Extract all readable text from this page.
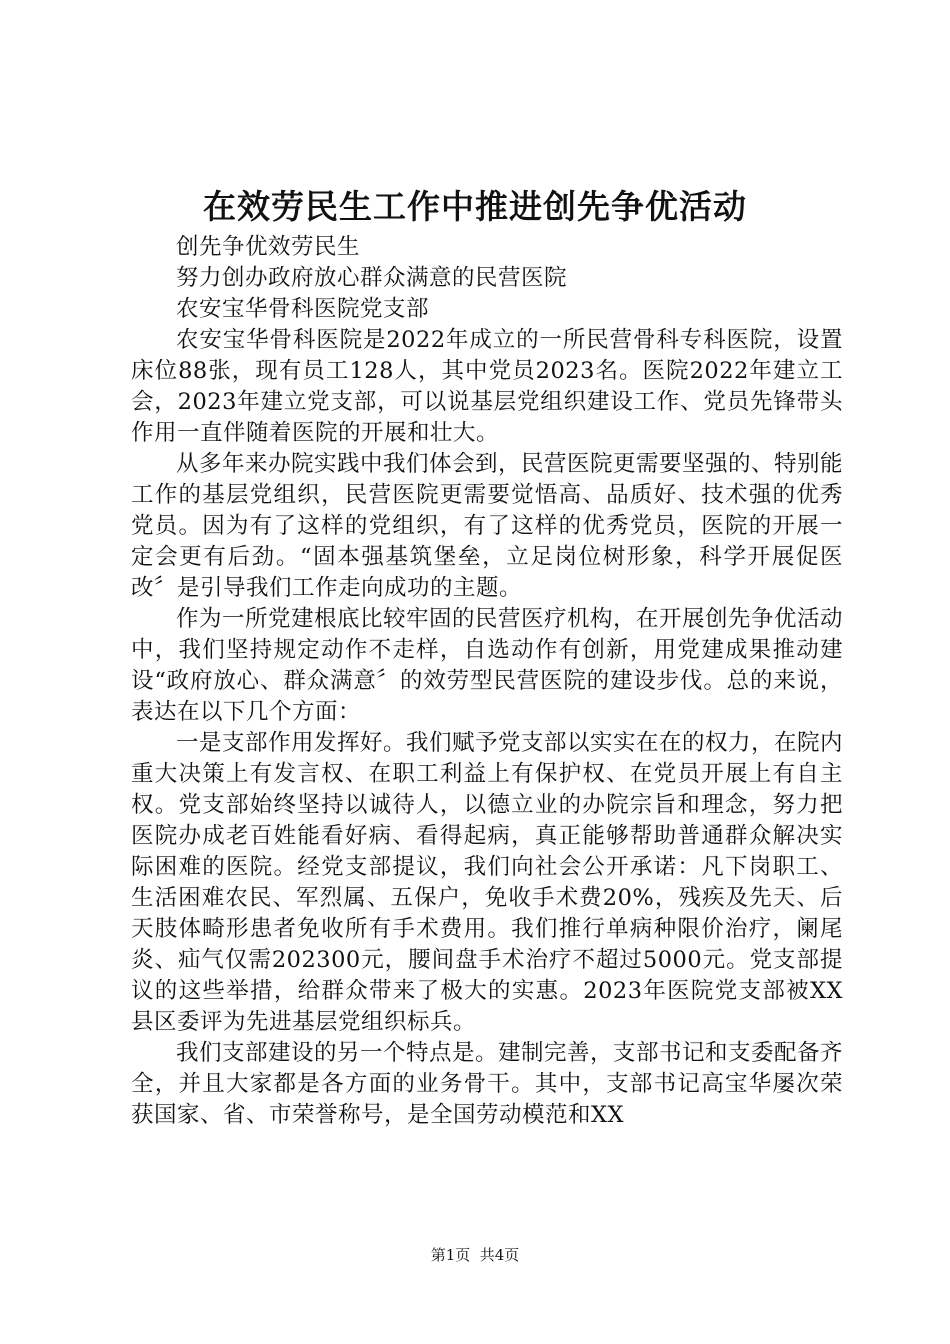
在效劳民生工作中推进创先争优活动

创先争优效劳民生

努力创办政府放心群众满意的民营医院

农安宝华骨科医院党支部

农安宝华骨科医院是2022年成立的一所民营骨科专科医院，设置床位88张，现有员工128人，其中党员2023名。医院2022年建立工会，2023年建立党支部，可以说基层党组织建设工作、党员先锋带头作用一直伴随着医院的开展和壮大。

从多年来办院实践中我们体会到，民营医院更需要坚强的、特别能工作的基层党组织，民营医院更需要觉悟高、品质好、技术强的优秀党员。因为有了这样的党组织，有了这样的优秀党员，医院的开展一定会更有后劲。“固本强基筑堡垒，立足岗位树形象，科学开展促医改〞是引导我们工作走向成功的主题。

作为一所党建根底比较牢固的民营医疗机构，在开展创先争优活动中，我们坚持规定动作不走样，自选动作有创新，用党建成果推动建设“政府放心、群众满意〞的效劳型民营医院的建设步伐。总的来说，表达在以下几个方面：

一是支部作用发挥好。我们赋予党支部以实实在在的权力，在院内重大决策上有发言权、在职工利益上有保护权、在党员开展上有自主权。党支部始终坚持以诚待人，以德立业的办院宗旨和理念，努力把医院办成老百姓能看好病、看得起病，真正能够帮助普通群众解决实际困难的医院。经党支部提议，我们向社会公开承诺：凡下岗职工、生活困难农民、军烈属、五保户，免收手术费20%，残疾及先天、后天肢体畸形患者免收所有手术费用。我们推行单病种限价治疗，阑尾炎、疝气仅需202300元，腰间盘手术治疗不超过5000元。党支部提议的这些举措，给群众带来了极大的实惠。2023年医院党支部被XX县区委评为先进基层党组织标兵。

我们支部建设的另一个特点是。建制完善，支部书记和支委配备齐全，并且大家都是各方面的业务骨干。其中，支部书记高宝华屡次荣获国家、省、市荣誉称号，是全国劳动模范和XX

第1页  共4页
